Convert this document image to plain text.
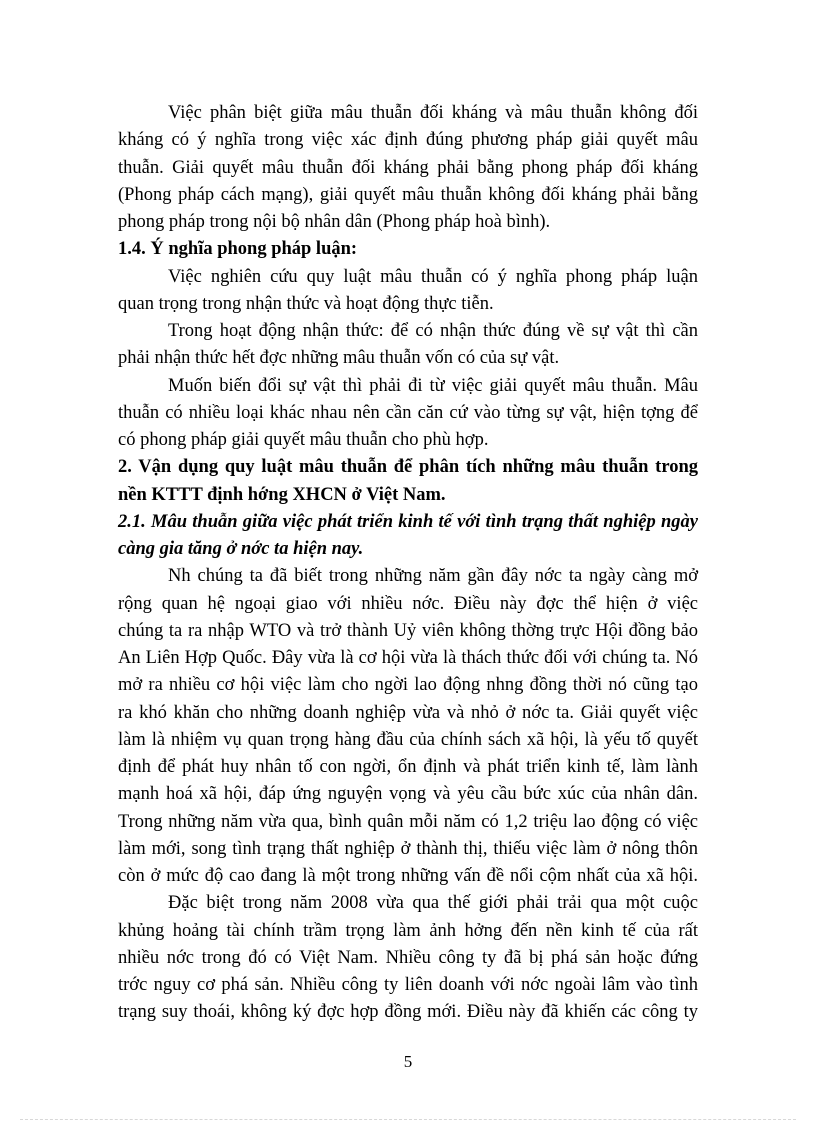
Việc phân biệt giữa mâu thuẫn đối kháng và mâu thuẫn không đối
kháng có ý nghĩa trong việc xác định đúng phương pháp giải quyết mâu
thuẫn. Giải quyết mâu thuẫn đối kháng phải bằng phong pháp đối kháng
(Phong pháp cách mạng), giải quyết mâu thuẫn không đối kháng phải bằng
phong pháp trong nội bộ nhân dân (Phong pháp hoà bình).
1.4. Ý nghĩa phong pháp luận:
Việc nghiên cứu quy luật mâu thuẫn có ý nghĩa phong pháp luận
quan trọng trong nhận thức và hoạt động thực tiễn.
Trong hoạt động nhận thức: để có nhận thức đúng về sự vật thì cần
phải nhận thức hết đợc những mâu thuẫn vốn có của sự vật.
Muốn biến đổi sự vật thì phải đi từ việc giải quyết mâu thuẫn. Mâu
thuẫn có nhiều loại khác nhau nên cần căn cứ vào từng sự vật, hiện tợng để
có phong pháp giải quyết mâu thuẫn cho phù hợp.
2. Vận dụng quy luật mâu thuẫn để phân tích những mâu thuẫn trong
nền KTTT định hớng XHCN ở Việt Nam.
2.1. Mâu thuẫn giữa việc phát triển kinh tế với tình trạng thất nghiệp ngày
càng gia tăng ở nớc ta hiện nay.
Nh chúng ta đã biết trong những năm gần đây nớc ta ngày càng mở
rộng quan hệ ngoại giao với nhiều nớc. Điều này đợc thể hiện ở việc
chúng ta ra nhập WTO và trở thành Uỷ viên không thờng trực Hội đồng bảo
An Liên Hợp Quốc. Đây vừa là cơ hội vừa là thách thức đối với chúng ta. Nó
mở ra nhiều cơ hội việc làm cho ngời lao động nhng đồng thời nó cũng tạo
ra khó khăn cho những doanh nghiệp vừa và nhỏ ở nớc ta. Giải quyết việc
làm là nhiệm vụ quan trọng hàng đầu của chính sách xã hội, là yếu tố quyết
định để phát huy nhân tố con ngời, ổn định và phát triển kinh tế, làm lành
mạnh hoá xã hội, đáp ứng nguyện vọng và yêu cầu bức xúc của nhân dân.
Trong những năm vừa qua, bình quân mỗi năm có 1,2 triệu lao động có việc
làm mới, song tình trạng thất nghiệp ở thành thị, thiếu việc làm ở nông thôn
còn ở mức độ cao đang là một trong những vấn đề nổi cộm nhất của xã hội.
Đặc biệt trong năm 2008 vừa qua thế giới phải trải qua một cuộc
khủng hoảng tài chính trầm trọng làm ảnh hởng đến nền kinh tế của rất
nhiều nớc trong đó có Việt Nam. Nhiều công ty đã bị phá sản hoặc đứng
trớc nguy cơ phá sản. Nhiều công ty liên doanh với nớc ngoài lâm vào tình
trạng suy thoái, không ký đợc hợp đồng mới. Điều này đã khiến các công ty
5
